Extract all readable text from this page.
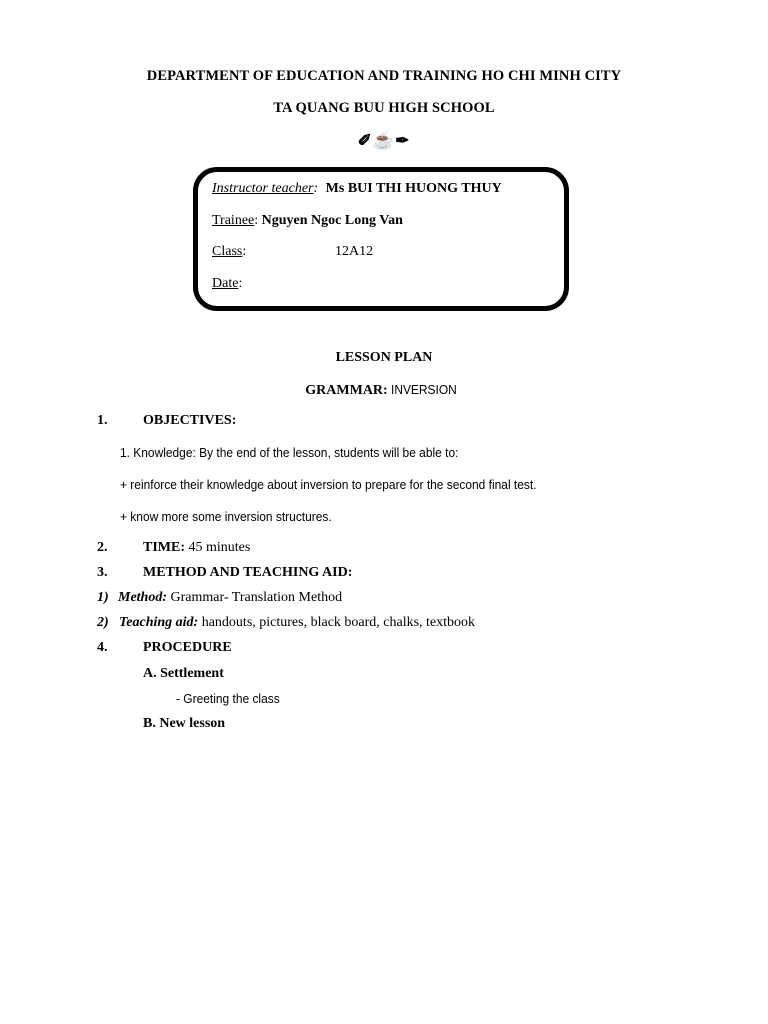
DEPARTMENT OF EDUCATION AND TRAINING HO CHI MINH CITY
TA QUANG BUU HIGH SCHOOL
✐☕✒
Instructor teacher: Ms BUI THI HUONG THUY
Trainee: Nguyen Ngoc Long Van
Class:	12A12
Date:
LESSON PLAN
GRAMMAR: INVERSION
1.	OBJECTIVES:
1. Knowledge: By the end of the lesson, students will be able to:
+ reinforce their knowledge about inversion to prepare for the second final test.
+ know more some inversion structures.
2.	TIME: 45 minutes
3.	METHOD AND TEACHING AID:
1) Method: Grammar- Translation Method
2) Teaching aid: handouts, pictures, black board, chalks, textbook
4.	PROCEDURE
A. Settlement
- Greeting the class
B. New lesson
